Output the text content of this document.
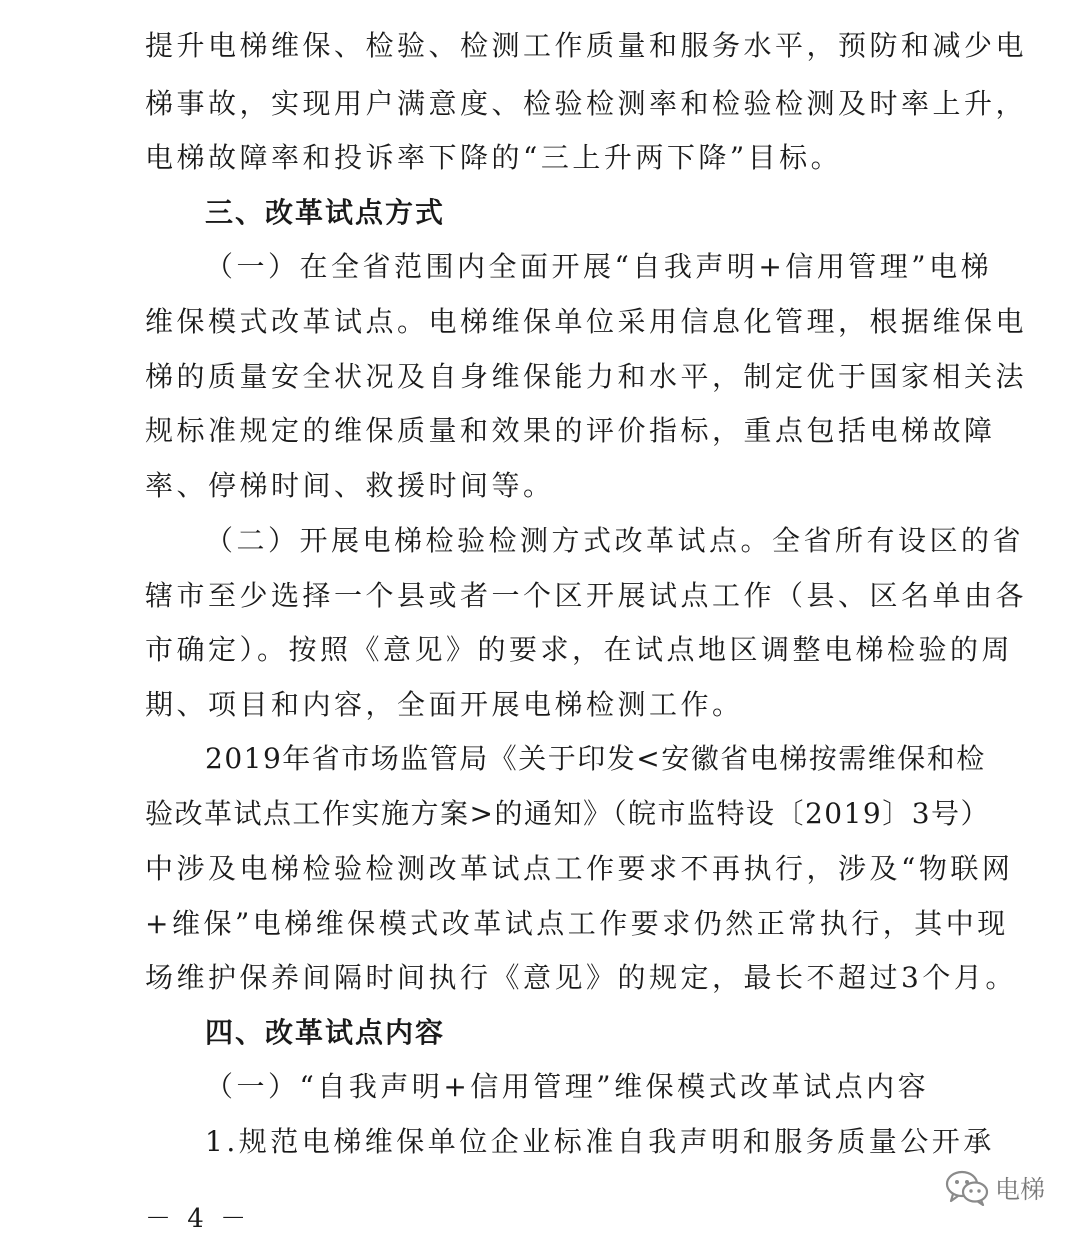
提升电梯维保、检验、检测工作质量和服务水平，预防和减少电
梯事故，实现用户满意度、检验检测率和检验检测及时率上升，
电梯故障率和投诉率下降的“三上升两下降”目标。
三、改革试点方式
（一）在全省范围内全面开展“自我声明+信用管理”电梯
维保模式改革试点。电梯维保单位采用信息化管理，根据维保电
梯的质量安全状况及自身维保能力和水平，制定优于国家相关法
规标准规定的维保质量和效果的评价指标，重点包括电梯故障
率、停梯时间、救援时间等。
（二）开展电梯检验检测方式改革试点。全省所有设区的省
辖市至少选择一个县或者一个区开展试点工作（县、区名单由各
市确定）。按照《意见》的要求，在试点地区调整电梯检验的周
期、项目和内容，全面开展电梯检测工作。
2019年省市场监管局《关于印发<安徽省电梯按需维保和检
验改革试点工作实施方案>的通知》（皖市监特设〔2019〕3号）
中涉及电梯检验检测改革试点工作要求不再执行，涉及“物联网
+维保”电梯维保模式改革试点工作要求仍然正常执行，其中现
场维护保养间隔时间执行《意见》的规定，最长不超过3个月。
四、改革试点内容
（一）“自我声明+信用管理”维保模式改革试点内容
1.规范电梯维保单位企业标准自我声明和服务质量公开承
－ 4 －
电梯
